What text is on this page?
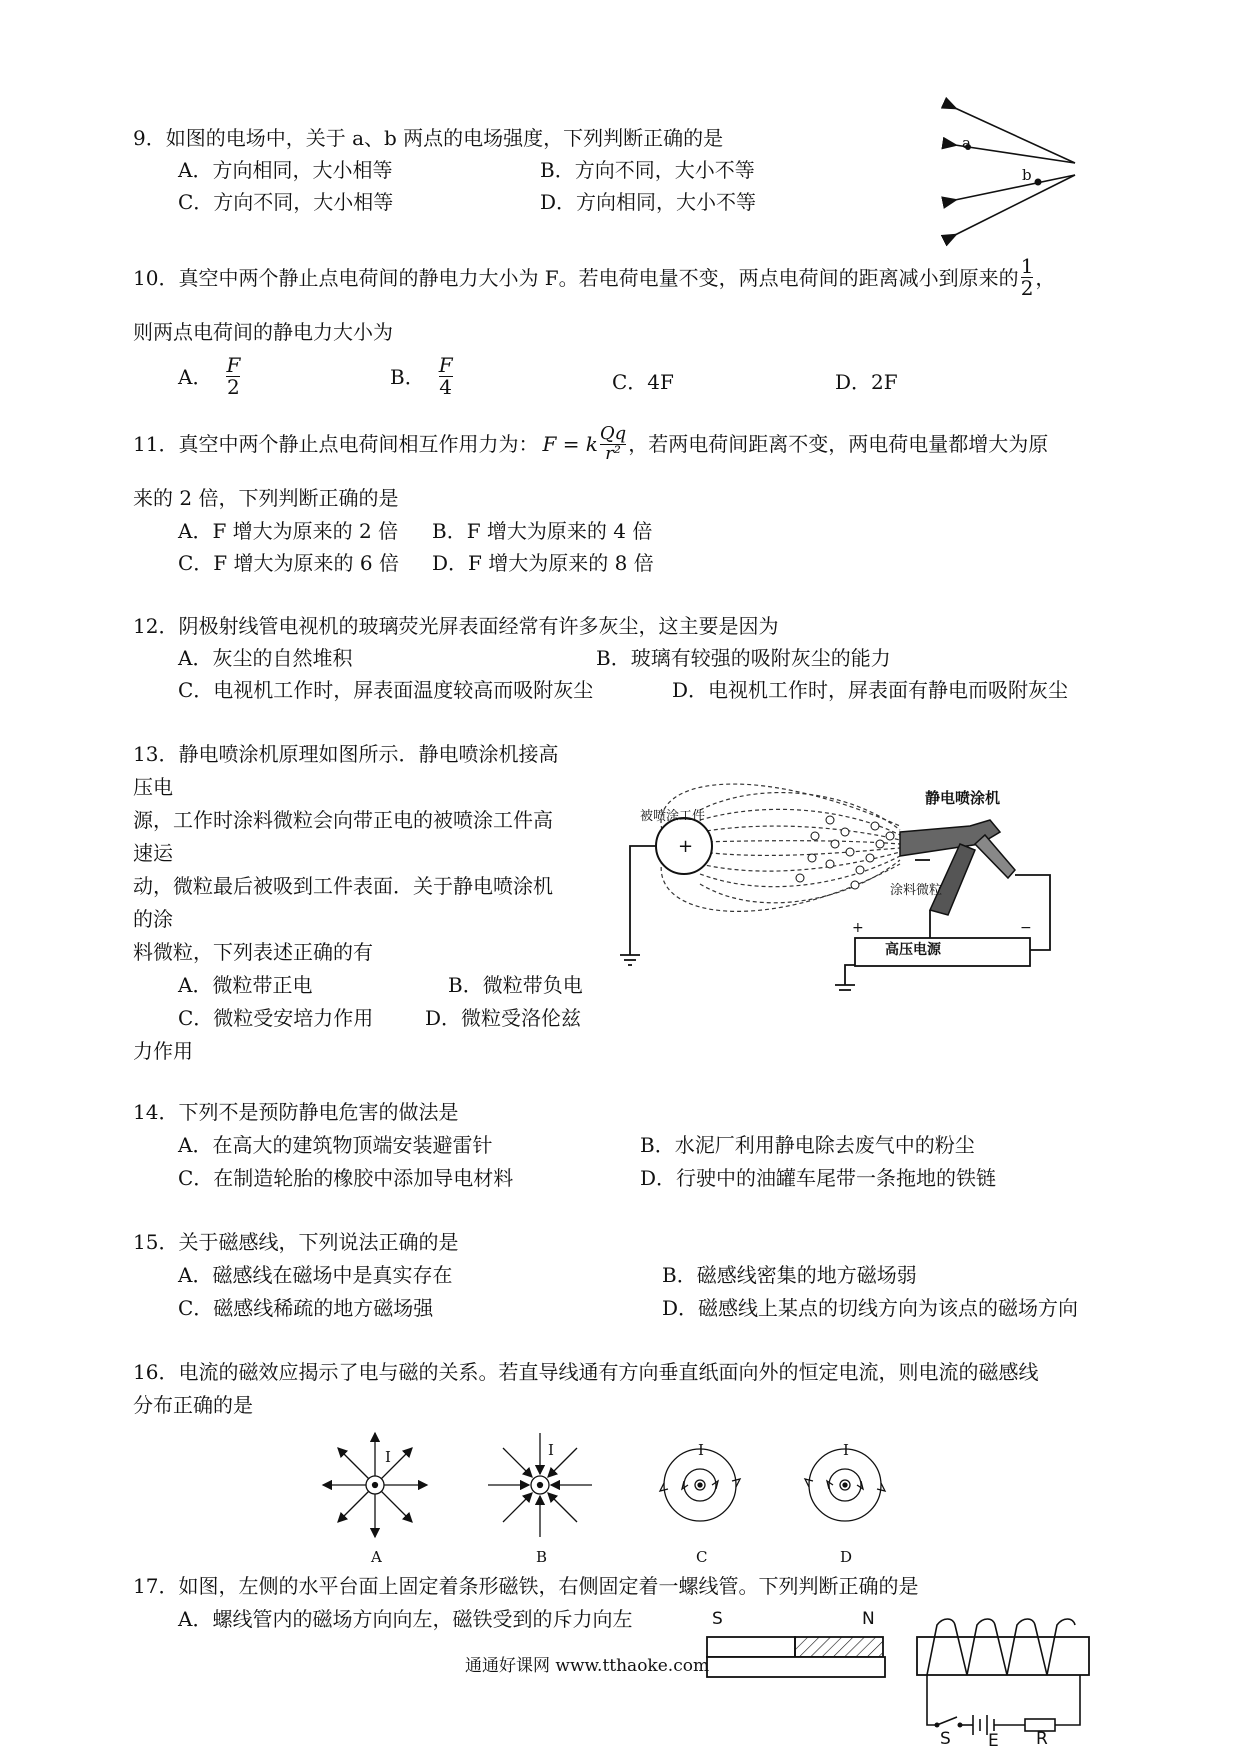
9．如图的电场中，关于 a、b 两点的电场强度，下列判断正确的是
A．方向相同，大小相等	B．方向不同，大小不等
C．方向不同，大小相等	D．方向相同，大小不等
a
b
10．真空中两个静止点电荷间的静电力大小为 F。若电荷电量不变，两点电荷间的距离减小到原来的 $\frac{1}{2}$ ，
则两点电荷间的静电力大小为
A． $\frac{F}{2}$	B． $\frac{F}{4}$	C．4F	D．2F
11．真空中两个静止点电荷间相互作用力为： F = k $\frac{Qq}{\text{r²}}$ ，若两电荷间距离不变，两电荷电量都增大为原
来的 2 倍，下列判断正确的是
A．F 增大为原来的 2 倍 B．F 增大为原来的 4 倍
C．F 增大为原来的 6 倍 D．F 增大为原来的 8 倍
12．阴极射线管电视机的玻璃荧光屏表面经常有许多灰尘，这主要是因为
A．灰尘的自然堆积	B．玻璃有较强的吸附灰尘的能力
C．电视机工作时，屏表面温度较高而吸附灰尘	D．电视机工作时，屏表面有静电而吸附灰尘
13．静电喷涂机原理如图所示．静电喷涂机接高
压电
源，工作时涂料微粒会向带正电的被喷涂工件高
速运
动，微粒最后被吸到工件表面．关于静电喷涂机
的涂
料微粒，下列表述正确的有
A．微粒带正电	B．微粒带负电
C．微粒受安培力作用	D．微粒受洛伦兹
力作用
+
+	−
被喷涂工件
静电喷涂机
涂料微粒
高压电源
14．下列不是预防静电危害的做法是
A．在高大的建筑物顶端安装避雷针	B．水泥厂利用静电除去废气中的粉尘
C．在制造轮胎的橡胶中添加导电材料	D．行驶中的油罐车尾带一条拖地的铁链
15．关于磁感线，下列说法正确的是
A．磁感线在磁场中是真实存在	B．磁感线密集的地方磁场弱
C．磁感线稀疏的地方磁场强	D．磁感线上某点的切线方向为该点的磁场方向
16．电流的磁效应揭示了电与磁的关系。若直导线通有方向垂直纸面向外的恒定电流，则电流的磁感线
分布正确的是
I	I	I	I
A	B	C	D
17．如图，左侧的水平台面上固定着条形磁铁，右侧固定着一螺线管。下列判断正确的是
A．螺线管内的磁场方向向左，磁铁受到的斥力向左	S	N
S E R
通通好课网 www.tthaoke.com
